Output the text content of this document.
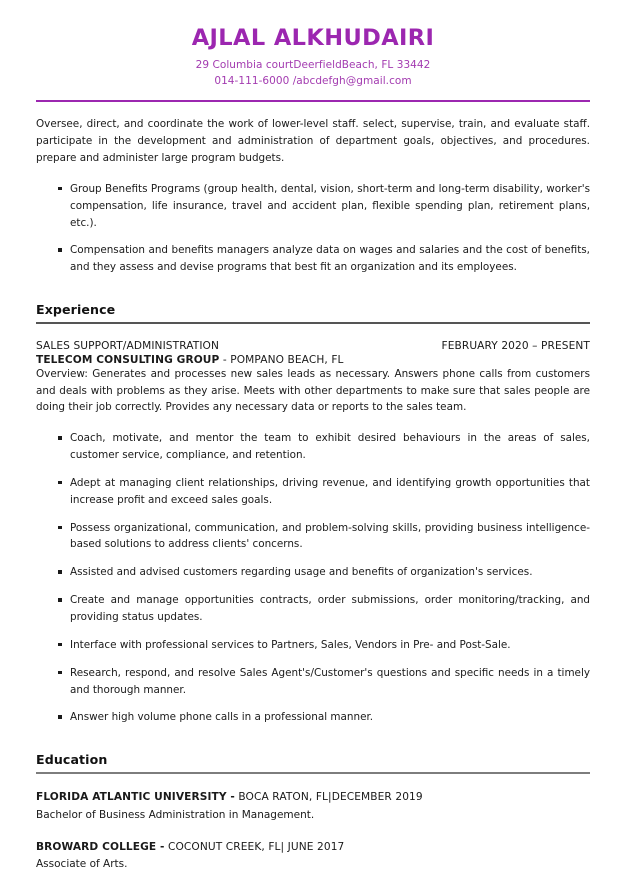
AJLAL ALKHUDAIRI

29 Columbia courtDeerfieldBeach, FL 33442

014-111-6000 /abcdefgh@gmail.com

Oversee, direct, and coordinate the work of lower-level staff. select, supervise, train, and evaluate staff. participate in the development and administration of department goals, objectives, and procedures. prepare and administer large program budgets.

Group Benefits Programs (group health, dental, vision, short-term and long-term disability, worker's compensation, life insurance, travel and accident plan, flexible spending plan, retirement plans, etc.).
Compensation and benefits managers analyze data on wages and salaries and the cost of benefits, and they assess and devise programs that best fit an organization and its employees.
Experience
SALES SUPPORT/ADMINISTRATION	FEBRUARY 2020 – PRESENT
TELECOM CONSULTING GROUP - POMPANO BEACH, FL

Overview: Generates and processes new sales leads as necessary. Answers phone calls from customers and deals with problems as they arise. Meets with other departments to make sure that sales people are doing their job correctly. Provides any necessary data or reports to the sales team.

Coach, motivate, and mentor the team to exhibit desired behaviours in the areas of sales, customer service, compliance, and retention.
Adept at managing client relationships, driving revenue, and identifying growth opportunities that increase profit and exceed sales goals.
Possess organizational, communication, and problem-solving skills, providing business intelligence-based solutions to address clients' concerns.
Assisted and advised customers regarding usage and benefits of organization's services.
Create and manage opportunities contracts, order submissions, order monitoring/tracking, and providing status updates.
Interface with professional services to Partners, Sales, Vendors in Pre- and Post-Sale.
Research, respond, and resolve Sales Agent's/Customer's questions and specific needs in a timely and thorough manner.
Answer high volume phone calls in a professional manner.
Education
FLORIDA ATLANTIC UNIVERSITY - BOCA RATON, FL|DECEMBER 2019
Bachelor of Business Administration in Management.
BROWARD COLLEGE - COCONUT CREEK, FL| JUNE 2017
Associate of Arts.
